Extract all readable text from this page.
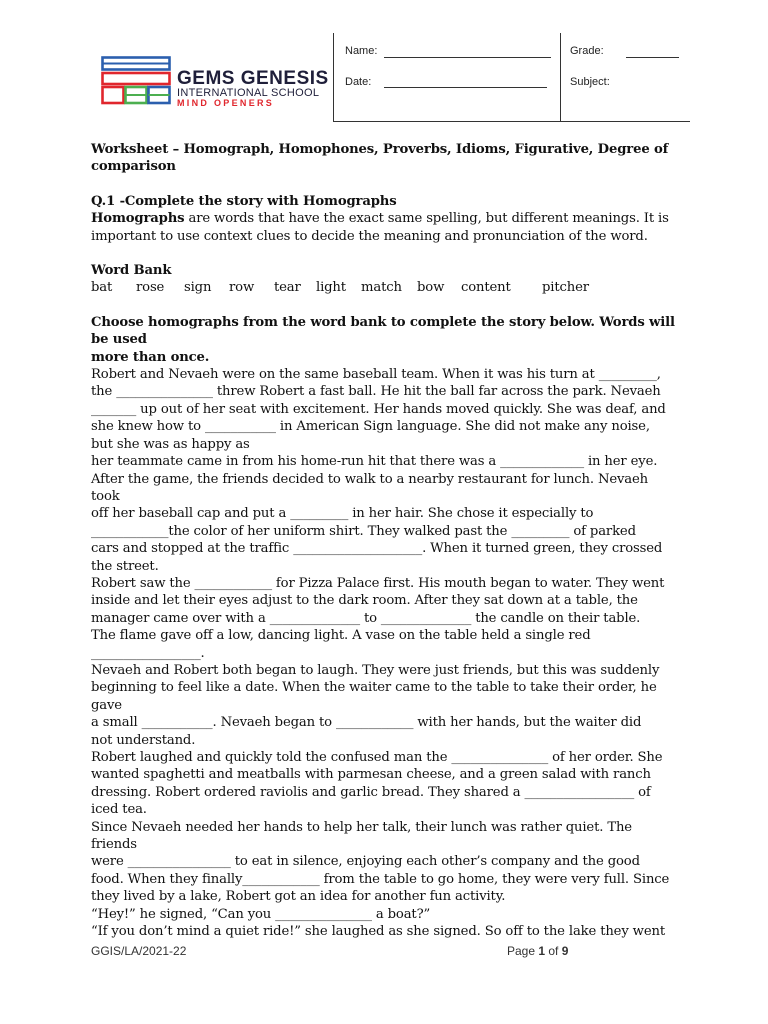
GEMS GENESIS
INTERNATIONAL SCHOOL
MIND OPENERS
Name:
Date:
Grade:
Subject:

Worksheet – Homograph, Homophones, Proverbs, Idioms, Figurative, Degree of
comparison

Q.1 -Complete the story with Homographs

Homographs are words that have the exact same spelling, but different meanings. It is
important to use context clues to decide the meaning and pronunciation of the word.

Word Bank

bat	rose	sign	row	tear	light	match	bow	content	pitcher

Choose homographs from the word bank to complete the story below. Words will be used
more than once.

Robert and Nevaeh were on the same baseball team. When it was his turn at _________,
the _______________ threw Robert a fast ball. He hit the ball far across the park. Nevaeh
_______ up out of her seat with excitement. Her hands moved quickly. She was deaf, and
she knew how to ___________ in American Sign language. She did not make any noise,
but she was as happy as
her teammate came in from his home-run hit that there was a _____________ in her eye.
After the game, the friends decided to walk to a nearby restaurant for lunch. Nevaeh took
off her baseball cap and put a _________ in her hair. She chose it especially to
____________the color of her uniform shirt. They walked past the _________ of parked
cars and stopped at the traffic ____________________. When it turned green, they crossed
the street.
Robert saw the ____________ for Pizza Palace first. His mouth began to water. They went
inside and let their eyes adjust to the dark room. After they sat down at a table, the
manager came over with a ______________ to ______________ the candle on their table.
The flame gave off a low, dancing light. A vase on the table held a single red
_________________.
Nevaeh and Robert both began to laugh. They were just friends, but this was suddenly
beginning to feel like a date. When the waiter came to the table to take their order, he gave
a small ___________. Nevaeh began to ____________ with her hands, but the waiter did
not understand.
Robert laughed and quickly told the confused man the _______________ of her order. She
wanted spaghetti and meatballs with parmesan cheese, and a green salad with ranch
dressing. Robert ordered raviolis and garlic bread. They shared a _________________ of
iced tea.
Since Nevaeh needed her hands to help her talk, their lunch was rather quiet. The friends
were ________________ to eat in silence, enjoying each other’s company and the good
food. When they finally____________ from the table to go home, they were very full. Since
they lived by a lake, Robert got an idea for another fun activity.
“Hey!” he signed, “Can you _______________ a boat?”
“If you don’t mind a quiet ride!” she laughed as she signed. So off to the lake they went
GGIS/LA/2021-22	Page 1 of 9
